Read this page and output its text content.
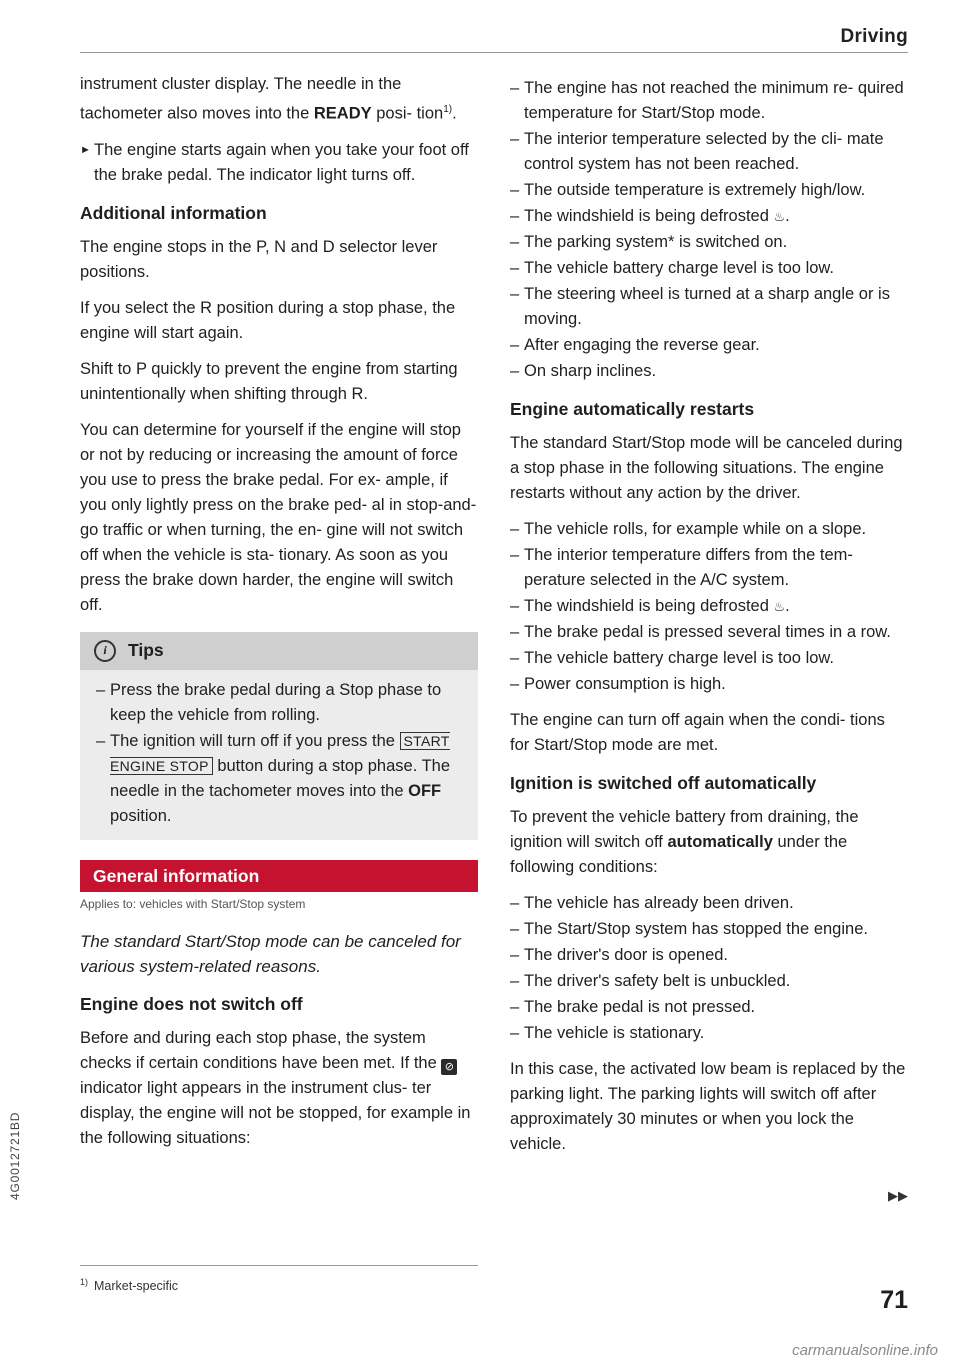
Driving

instrument cluster display. The needle in the tachometer also moves into the READY posi- tion$^{1)}$.

► The engine starts again when you take your foot off the brake pedal. The indicator light turns off.
Additional information

The engine stops in the P, N and D selector lever positions.

If you select the R position during a stop phase, the engine will start again.

Shift to P quickly to prevent the engine from starting unintentionally when shifting through R.

You can determine for yourself if the engine will stop or not by reducing or increasing the amount of force you use to press the brake pedal. For ex- ample, if you only lightly press on the brake ped- al in stop-and-go traffic or when turning, the en- gine will not switch off when the vehicle is sta- tionary. As soon as you press the brake down harder, the engine will switch off.

i	Tips
– Press the brake pedal during a Stop phase to keep the vehicle from rolling.
– The ignition will turn off if you press the START ENGINE STOP button during a stop phase. The needle in the tachometer moves into the OFF position.
General information
Applies to: vehicles with Start/Stop system

The standard Start/Stop mode can be canceled for various system-related reasons.

Engine does not switch off

Before and during each stop phase, the system checks if certain conditions have been met. If the ⊘ indicator light appears in the instrument clus- ter display, the engine will not be stopped, for example in the following situations:

– The engine has not reached the minimum re- quired temperature for Start/Stop mode.
– The interior temperature selected by the cli- mate control system has not been reached.
– The outside temperature is extremely high/low.
– The windshield is being defrosted ♨.
– The parking system* is switched on.
– The vehicle battery charge level is too low.
– The steering wheel is turned at a sharp angle or is moving.
– After engaging the reverse gear.
– On sharp inclines.
Engine automatically restarts

The standard Start/Stop mode will be canceled during a stop phase in the following situations. The engine restarts without any action by the driver.

– The vehicle rolls, for example while on a slope.
– The interior temperature differs from the tem- perature selected in the A/C system.
– The windshield is being defrosted ♨.
– The brake pedal is pressed several times in a row.
– The vehicle battery charge level is too low.
– Power consumption is high.

The engine can turn off again when the condi- tions for Start/Stop mode are met.

Ignition is switched off automatically

To prevent the vehicle battery from draining, the ignition will switch off automatically under the following conditions:

– The vehicle has already been driven.
– The Start/Stop system has stopped the engine.
– The driver's door is opened.
– The driver's safety belt is unbuckled.
– The brake pedal is not pressed.
– The vehicle is stationary.

In this case, the activated low beam is replaced by the parking light. The parking lights will switch off after approximately 30 minutes or when you lock the vehicle.

▶▶
$^{1)}$ Market-specific	71
4G0012721BD
carmanualsonline.info
